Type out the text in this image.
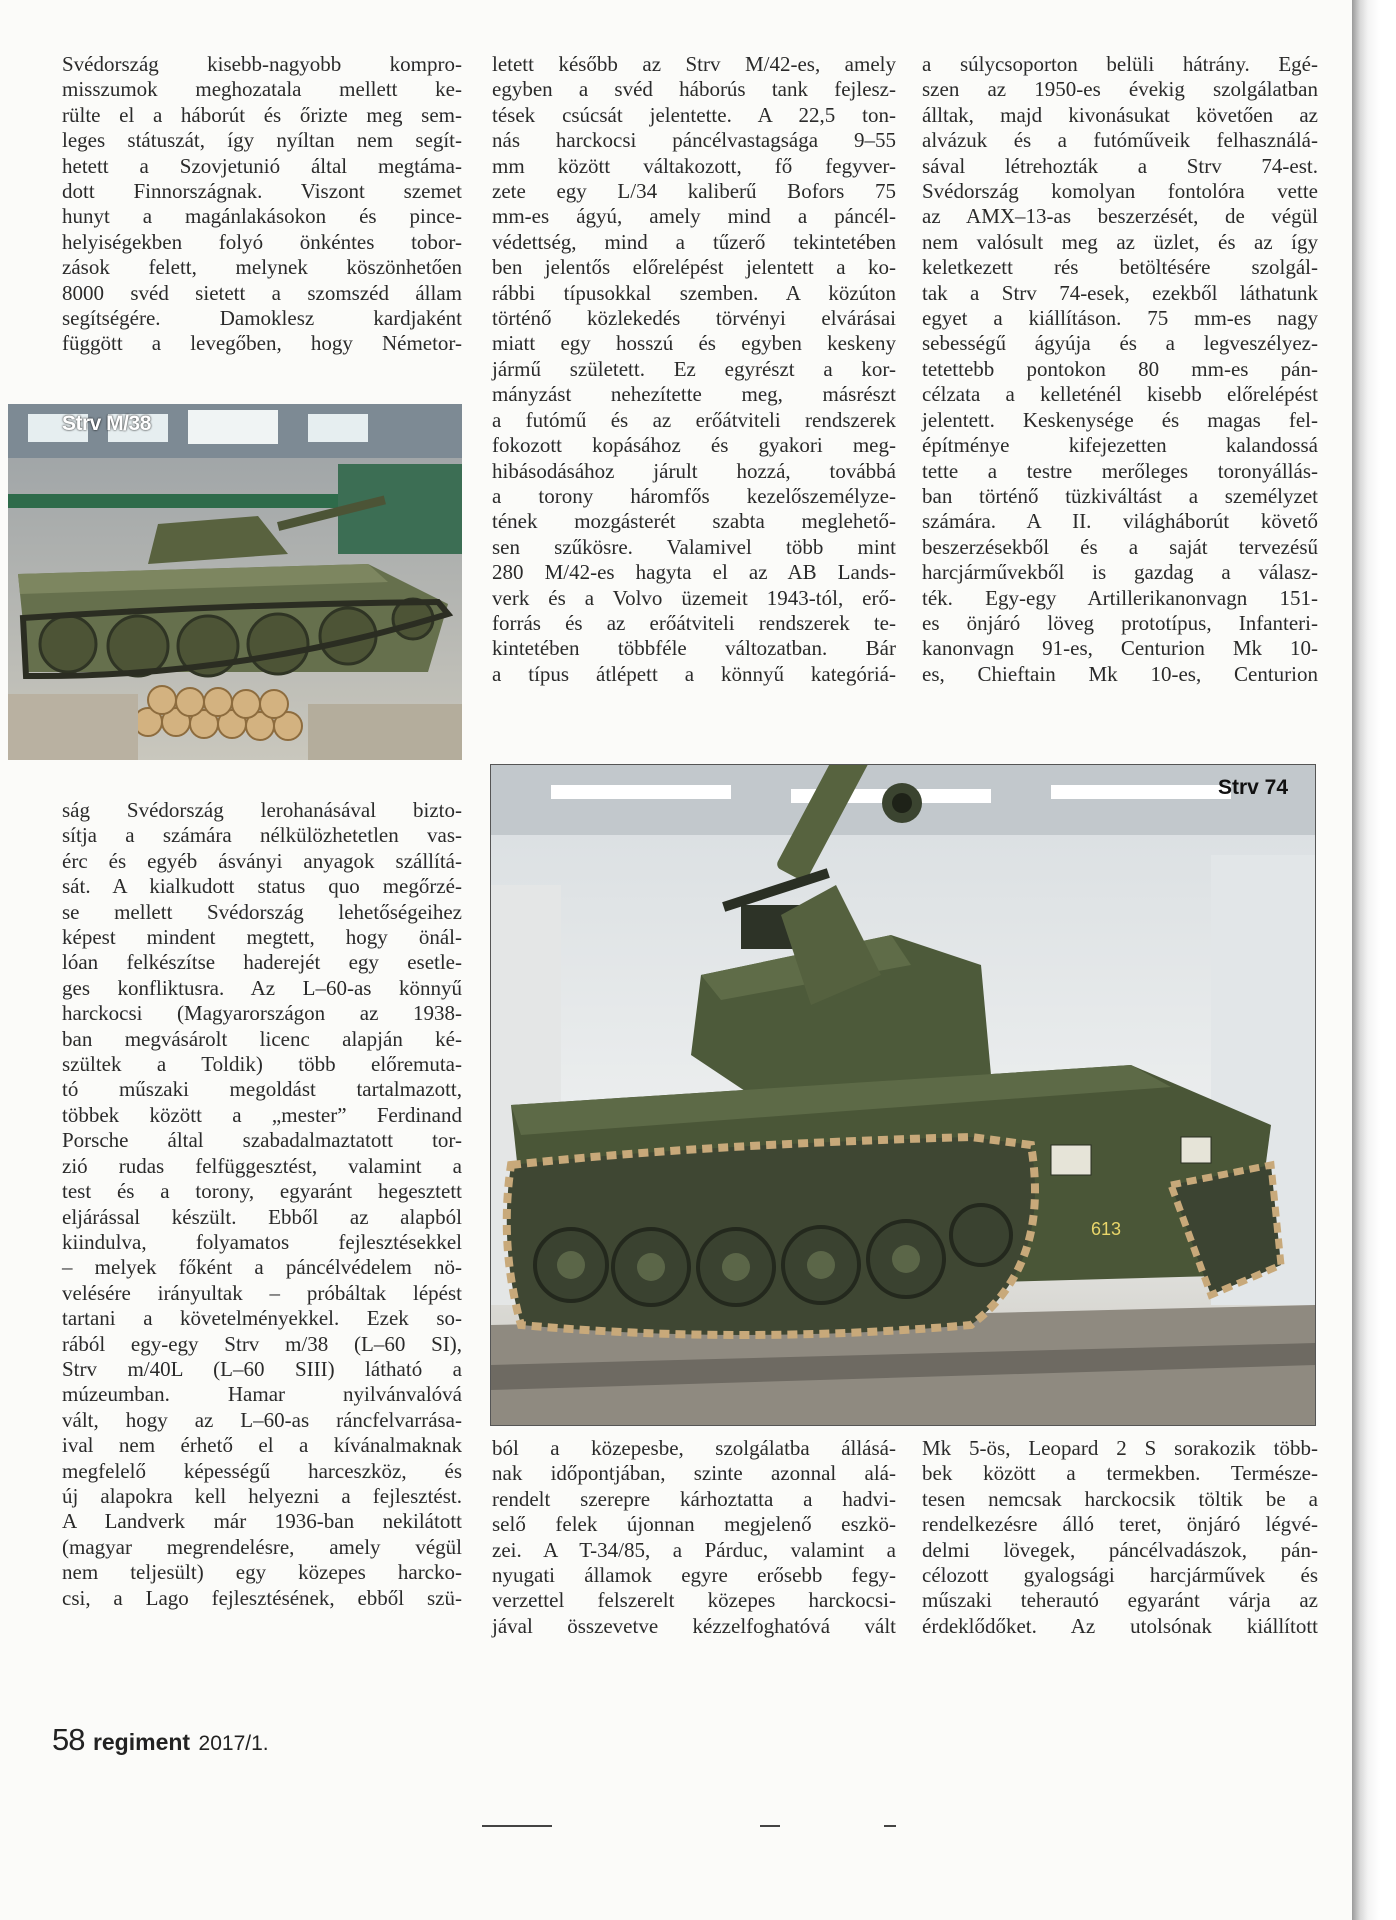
Svédország kisebb-nagyobb kompro-

misszumok meghozatala mellett ke-

rülte el a háborút és őrizte meg sem-

leges státuszát, így nyíltan nem segít-

hetett a Szovjetunió által megtáma-

dott Finnországnak. Viszont szemet

hunyt a magánlakásokon és pince-

helyiségekben folyó önkéntes tobor-

zások felett, melynek köszönhetően

8000 svéd sietett a szomszéd állam

segítségére. Damoklesz kardjaként

függött a levegőben, hogy Németor-

letett később az Strv M/42-es, amely

egyben a svéd háborús tank fejlesz-

tések csúcsát jelentette. A 22,5 ton-

nás harckocsi páncélvastagsága 9–55

mm között váltakozott, fő fegyver-

zete egy L/34 kaliberű Bofors 75

mm-es ágyú, amely mind a páncél-

védettség, mind a tűzerő tekintetében

ben jelentős előrelépést jelentett a ko-

rábbi típusokkal szemben. A közúton

történő közlekedés törvényi elvárásai

miatt egy hosszú és egyben keskeny

jármű született. Ez egyrészt a kor-

mányzást nehezítette meg, másrészt

a futómű és az erőátviteli rendszerek

fokozott kopásához és gyakori meg-

hibásodásához járult hozzá, továbbá

a torony háromfős kezelőszemélyze-

tének mozgásterét szabta meglehető-

sen szűkösre. Valamivel több mint

280 M/42-es hagyta el az AB Lands-

verk és a Volvo üzemeit 1943-tól, erő-

forrás és az erőátviteli rendszerek te-

kintetében többféle változatban. Bár

a típus átlépett a könnyű kategóriá-

a súlycsoporton belüli hátrány. Egé-

szen az 1950-es évekig szolgálatban

álltak, majd kivonásukat követően az

alvázuk és a futóműveik felhasználá-

sával létrehozták a Strv 74-est.

Svédország komolyan fontolóra vette

az AMX–13-as beszerzését, de végül

nem valósult meg az üzlet, és az így

keletkezett rés betöltésére szolgál-

tak a Strv 74-esek, ezekből láthatunk

egyet a kiállításon. 75 mm-es nagy

sebességű ágyúja és a legveszélyez-

tetettebb pontokon 80 mm-es pán-

célzata a kelleténél kisebb előrelépést

jelentett. Keskenysége és magas fel-

építménye kifejezetten kalandossá

tette a testre merőleges toronyállás-

ban történő tüzkiváltást a személyzet

számára. A II. világháborút követő

beszerzésekből és a saját tervezésű

harcjárművekből is gazdag a válasz-

ték. Egy-egy Artillerikanonvagn 151-

es önjáró löveg prototípus, Infanteri-

kanonvagn 91-es, Centurion Mk 10-

es, Chieftain Mk 10-es, Centurion

Strv M/38

ság Svédország lerohanásával bizto-

sítja a számára nélkülözhetetlen vas-

érc és egyéb ásványi anyagok szállítá-

sát. A kialkudott status quo megőrzé-

se mellett Svédország lehetőségeihez

képest mindent megtett, hogy önál-

lóan felkészítse haderejét egy esetle-

ges konfliktusra. Az L–60-as könnyű

harckocsi (Magyarországon az 1938-

ban megvásárolt licenc alapján ké-

szültek a Toldik) több előremuta-

tó műszaki megoldást tartalmazott,

többek között a „mester” Ferdinand

Porsche által szabadalmaztatott tor-

zió rudas felfüggesztést, valamint a

test és a torony, egyaránt hegesztett

eljárással készült. Ebből az alapból

kiindulva, folyamatos fejlesztésekkel

– melyek főként a páncélvédelem nö-

velésére irányultak – próbáltak lépést

tartani a követelményekkel. Ezek so-

rából egy-egy Strv m/38 (L–60 SI),

Strv m/40L (L–60 SIII) látható a

múzeumban. Hamar nyilvánvalóvá

vált, hogy az L–60-as ráncfelvarrása-

ival nem érhető el a kívánalmaknak

megfelelő képességű harceszköz, és

új alapokra kell helyezni a fejlesztést.

A Landverk már 1936-ban nekilátott

(magyar megrendelésre, amely végül

nem teljesült) egy közepes harcko-

csi, a Lago fejlesztésének, ebből szü-

613
Strv 74

ból a közepesbe, szolgálatba állásá-

nak időpontjában, szinte azonnal alá-

rendelt szerepre kárhoztatta a hadvi-

selő felek újonnan megjelenő eszkö-

zei. A T-34/85, a Párduc, valamint a

nyugati államok egyre erősebb fegy-

verzettel felszerelt közepes harckocsi-

jával összevetve kézzelfoghatóvá vált

Mk 5-ös, Leopard 2 S sorakozik több-

bek között a termekben. Természe-

tesen nemcsak harckocsik töltik be a

rendelkezésre álló teret, önjáró légvé-

delmi lövegek, páncélvadászok, pán-

célozott gyalogsági harcjárművek és

műszaki teherautó egyaránt várja az

érdeklődőket. Az utolsónak kiállított

58 regiment 2017/1.
